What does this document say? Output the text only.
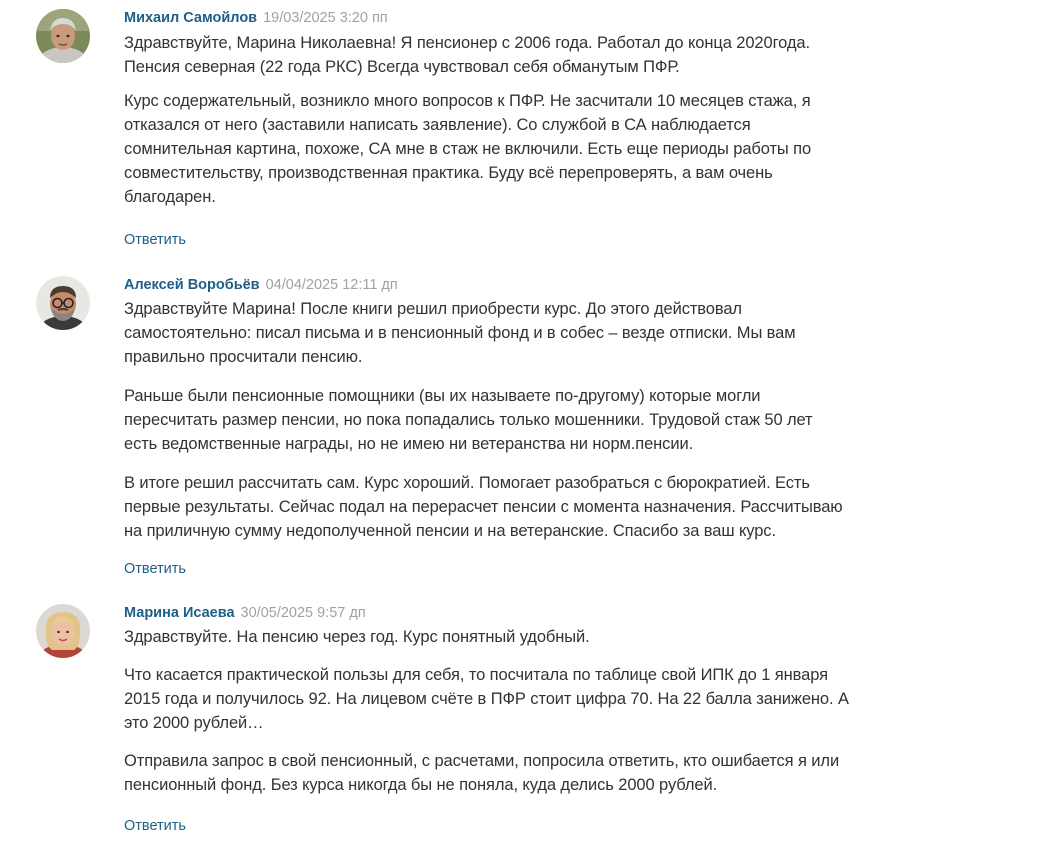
Михаил Самойлов 19/03/2025 3:20 пп

Здравствуйте, Марина Николаевна! Я пенсионер с 2006 года. Работал до конца 2020года.
Пенсия северная (22 года РКС) Всегда чувствовал себя обманутым ПФР.

Курс содержательный, возникло много вопросов к ПФР. Не засчитали 10 месяцев стажа, я
отказался от него (заставили написать заявление). Со службой в СА наблюдается
сомнительная картина, похоже, СА мне в стаж не включили. Есть еще периоды работы по
совместительству, производственная практика. Буду всё перепроверять, а вам очень
благодарен.

Ответить
Алексей Воробьёв 04/04/2025 12:11 дп

Здравствуйте Марина! После книги решил приобрести курс. До этого действовал
самостоятельно: писал письма и в пенсионный фонд и в собес – везде отписки. Мы вам
правильно просчитали пенсию.

Раньше были пенсионные помощники (вы их называете по-другому) которые могли
пересчитать размер пенсии, но пока попадались только мошенники. Трудовой стаж 50 лет
есть ведомственные награды, но не имею ни ветеранства ни норм.пенсии.

В итоге решил рассчитать сам. Курс хороший. Помогает разобраться с бюрократией. Есть
первые результаты. Сейчас подал на перерасчет пенсии с момента назначения. Рассчитываю
на приличную сумму недополученной пенсии и на ветеранские. Спасибо за ваш курс.

Ответить
Марина Исаева 30/05/2025 9:57 дп

Здравствуйте. На пенсию через год. Курс понятный удобный.

Что касается практической пользы для себя, то посчитала по таблице свой ИПК до 1 января
2015 года и получилось 92. На лицевом счёте в ПФР стоит цифра 70. На 22 балла занижено. А
это 2000 рублей…

Отправила запрос в свой пенсионный, с расчетами, попросила ответить, кто ошибается я или
пенсионный фонд. Без курса никогда бы не поняла, куда делись 2000 рублей.

Ответить
